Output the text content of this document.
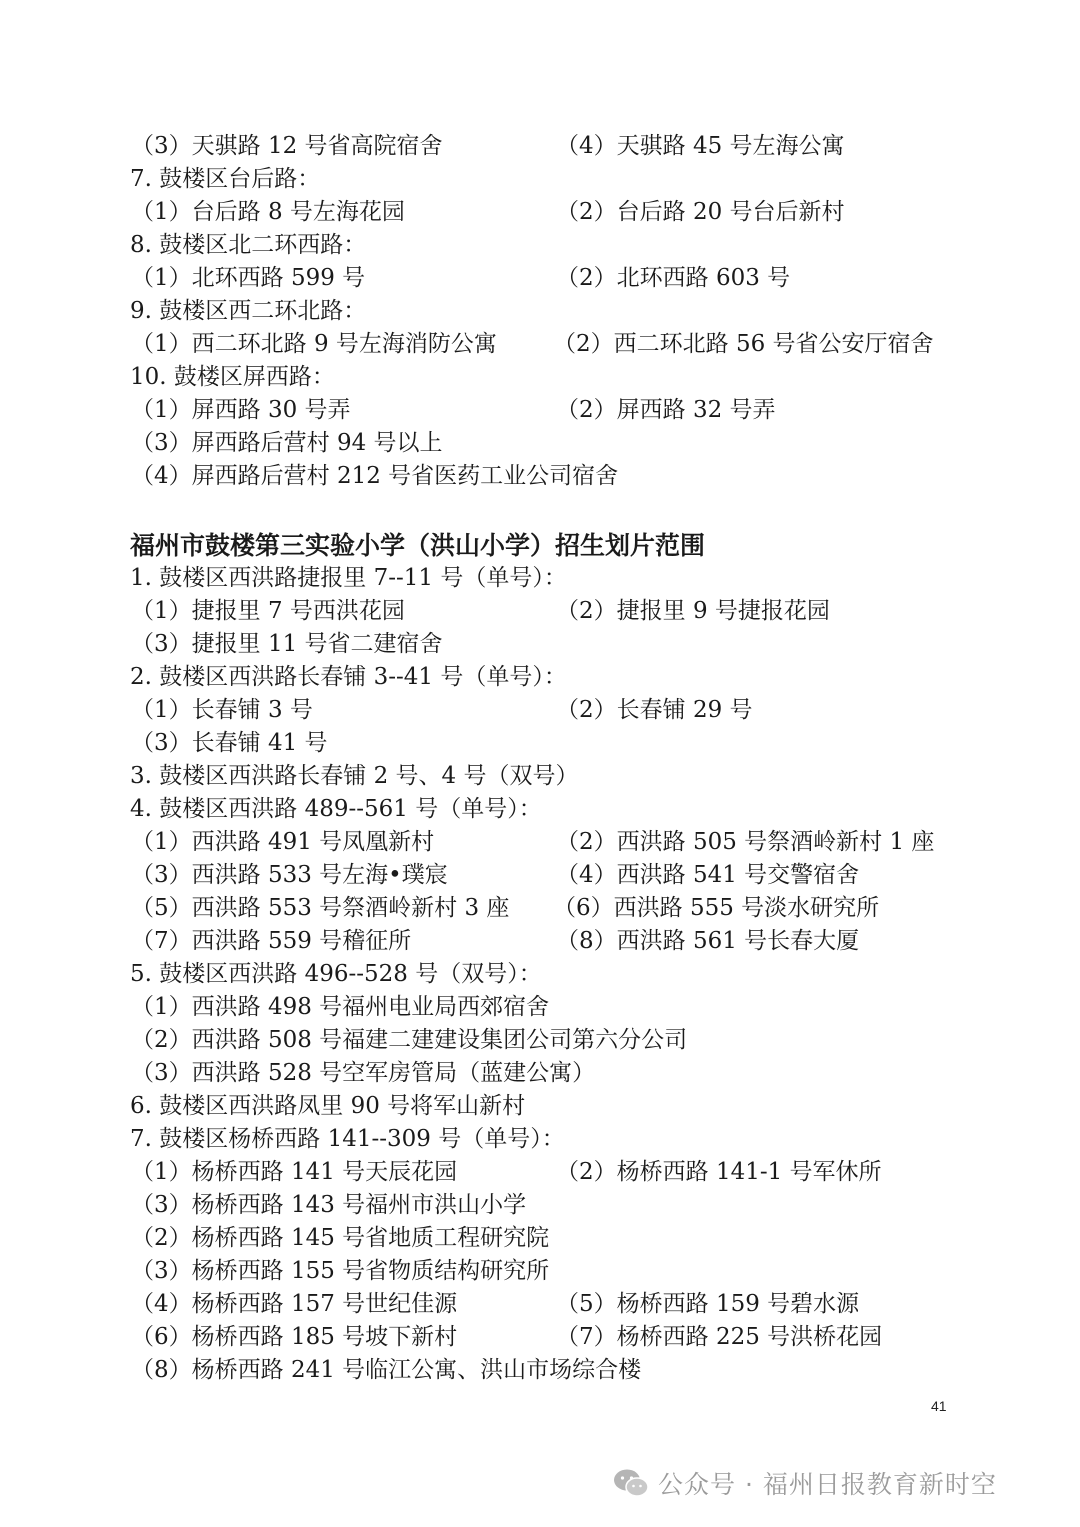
（3）天骐路 12 号省高院宿舍	（4）天骐路 45 号左海公寓
7. 鼓楼区台后路：
（1）台后路 8 号左海花园	（2）台后路 20 号台后新村
8. 鼓楼区北二环西路：
（1）北环西路 599 号	（2）北环西路 603 号
9. 鼓楼区西二环北路：
（1）西二环北路 9 号左海消防公寓 （2）西二环北路 56 号省公安厅宿舍
10. 鼓楼区屏西路：
（1）屏西路 30 号弄	（2）屏西路 32 号弄
（3）屏西路后营村 94 号以上
（4）屏西路后营村 212 号省医药工业公司宿舍
福州市鼓楼第三实验小学（洪山小学）招生划片范围
1. 鼓楼区西洪路捷报里 7--11 号（单号）：
（1）捷报里 7 号西洪花园	（2）捷报里 9 号捷报花园
（3）捷报里 11 号省二建宿舍
2. 鼓楼区西洪路长春铺 3--41 号（单号）：
（1）长春铺 3 号	（2）长春铺 29 号
（3）长春铺 41 号
3. 鼓楼区西洪路长春铺 2 号、4 号（双号）
4. 鼓楼区西洪路 489--561 号（单号）：
（1）西洪路 491 号凤凰新村	（2）西洪路 505 号祭酒岭新村 1 座
（3）西洪路 533 号左海•璞宸	（4）西洪路 541 号交警宿舍
（5）西洪路 553 号祭酒岭新村 3 座 （6）西洪路 555 号淡水研究所
（7）西洪路 559 号稽征所	（8）西洪路 561 号长春大厦
5. 鼓楼区西洪路 496--528 号（双号）：
（1）西洪路 498 号福州电业局西郊宿舍
（2）西洪路 508 号福建二建建设集团公司第六分公司
（3）西洪路 528 号空军房管局（蓝建公寓）
6. 鼓楼区西洪路凤里 90 号将军山新村
7. 鼓楼区杨桥西路 141--309 号（单号）：
（1）杨桥西路 141 号天辰花园	（2）杨桥西路 141-1 号军休所
（3）杨桥西路 143 号福州市洪山小学
（2）杨桥西路 145 号省地质工程研究院
（3）杨桥西路 155 号省物质结构研究所
（4）杨桥西路 157 号世纪佳源	（5）杨桥西路 159 号碧水源
（6）杨桥西路 185 号坡下新村	（7）杨桥西路 225 号洪桥花园
（8）杨桥西路 241 号临江公寓、洪山市场综合楼
41
公众号 · 福州日报教育新时空
